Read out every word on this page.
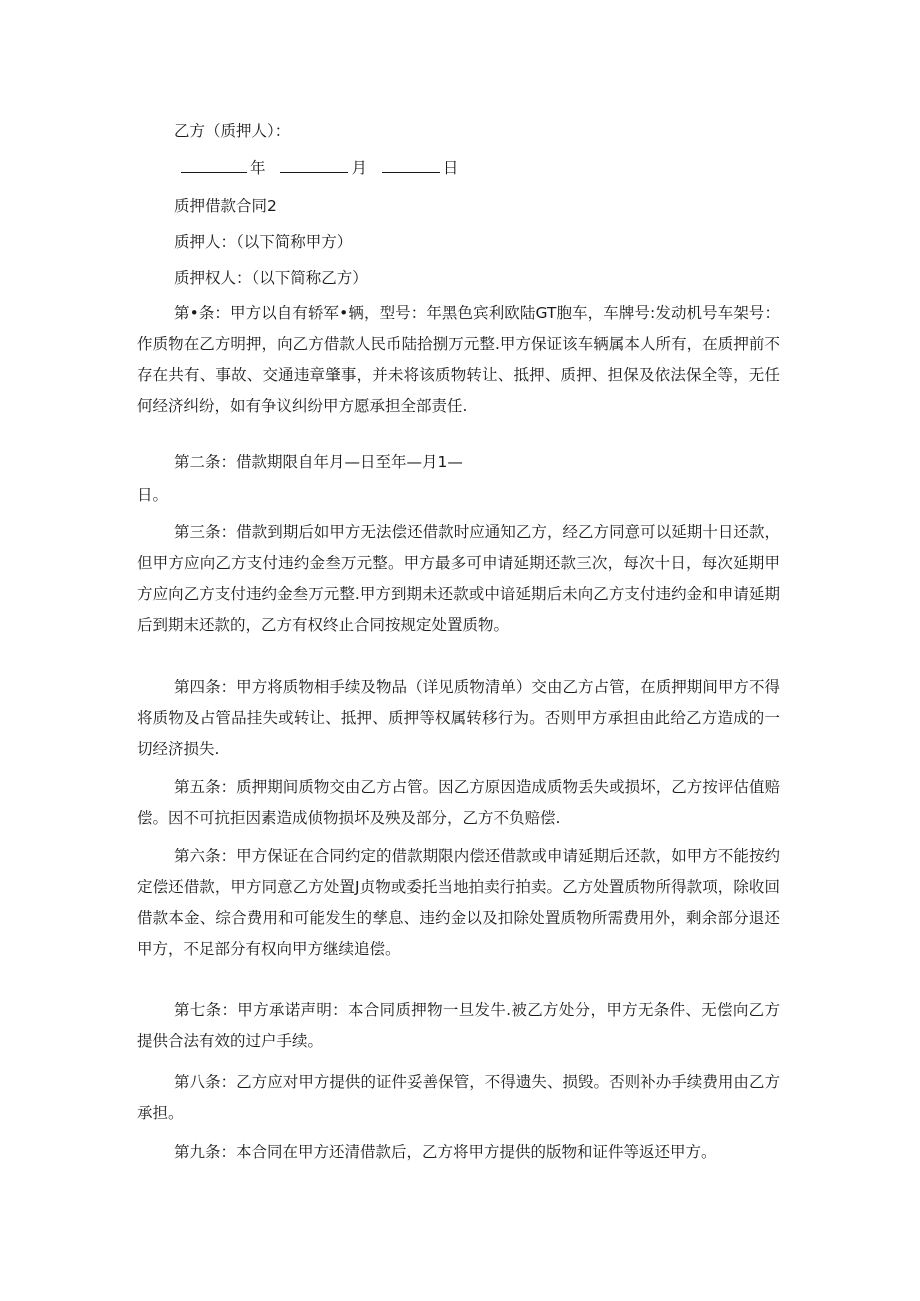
乙方（质押人）：
年	月	日
质押借款合同2
质押人：（以下简称甲方）
质押权人：（以下简称乙方）
第•条：甲方以自有轿军•辆，型号：年黑色宾利欧陆GT胞车，车牌号:发动机号车架号：作质物在乙方明押，向乙方借款人民币陆拾捌万元整.甲方保证该车辆属本人所有，在质押前不存在共有、事故、交通违章肇事，并未将该质物转让、抵押、质押、担保及依法保全等，无任何经济纠纷，如有争议纠纷甲方愿承担全部责任.
第二条：借款期限自年月—日至年—月1—
日。
第三条：借款到期后如甲方无法偿还借款时应通知乙方，经乙方同意可以延期十日还款，但甲方应向乙方支付违约金叁万元整。甲方最多可申请延期还款三次，每次十日，每次延期甲方应向乙方支付违约金叁万元整.甲方到期未还款或中谙延期后未向乙方支付违约金和申请延期后到期末还款的，乙方有权终止合同按规定处置质物。
第四条：甲方将质物相手续及物品（详见质物清单）交由乙方占管，在质押期间甲方不得将质物及占管品挂失或转让、抵押、质押等权属转移行为。否则甲方承担由此给乙方造成的一切经济损失.
第五条：质押期间质物交由乙方占管。因乙方原因造成质物丢失或损坏，乙方按评估值赔偿。因不可抗拒因素造成侦物损坏及殃及部分，乙方不负赔偿.
第六条：甲方保证在合同约定的借款期限内偿还借款或申请延期后还款，如甲方不能按约定偿还借款，甲方同意乙方处置J贞物或委托当地拍卖行拍卖。乙方处置质物所得款项，除收回借款本金、综合费用和可能发生的孳息、违约金以及扣除处置质物所需费用外，剩余部分退还甲方，不足部分有权向甲方继续追偿。
第七条：甲方承诺声明：本合同质押物一旦发牛.被乙方处分，甲方无条件、无偿向乙方提供合法有效的过户手续。
第八条：乙方应对甲方提供的证件妥善保管，不得遗失、损毁。否则补办手续费用由乙方承担。
第九条：本合同在甲方还清借款后，乙方将甲方提供的版物和证件等返还甲方。
